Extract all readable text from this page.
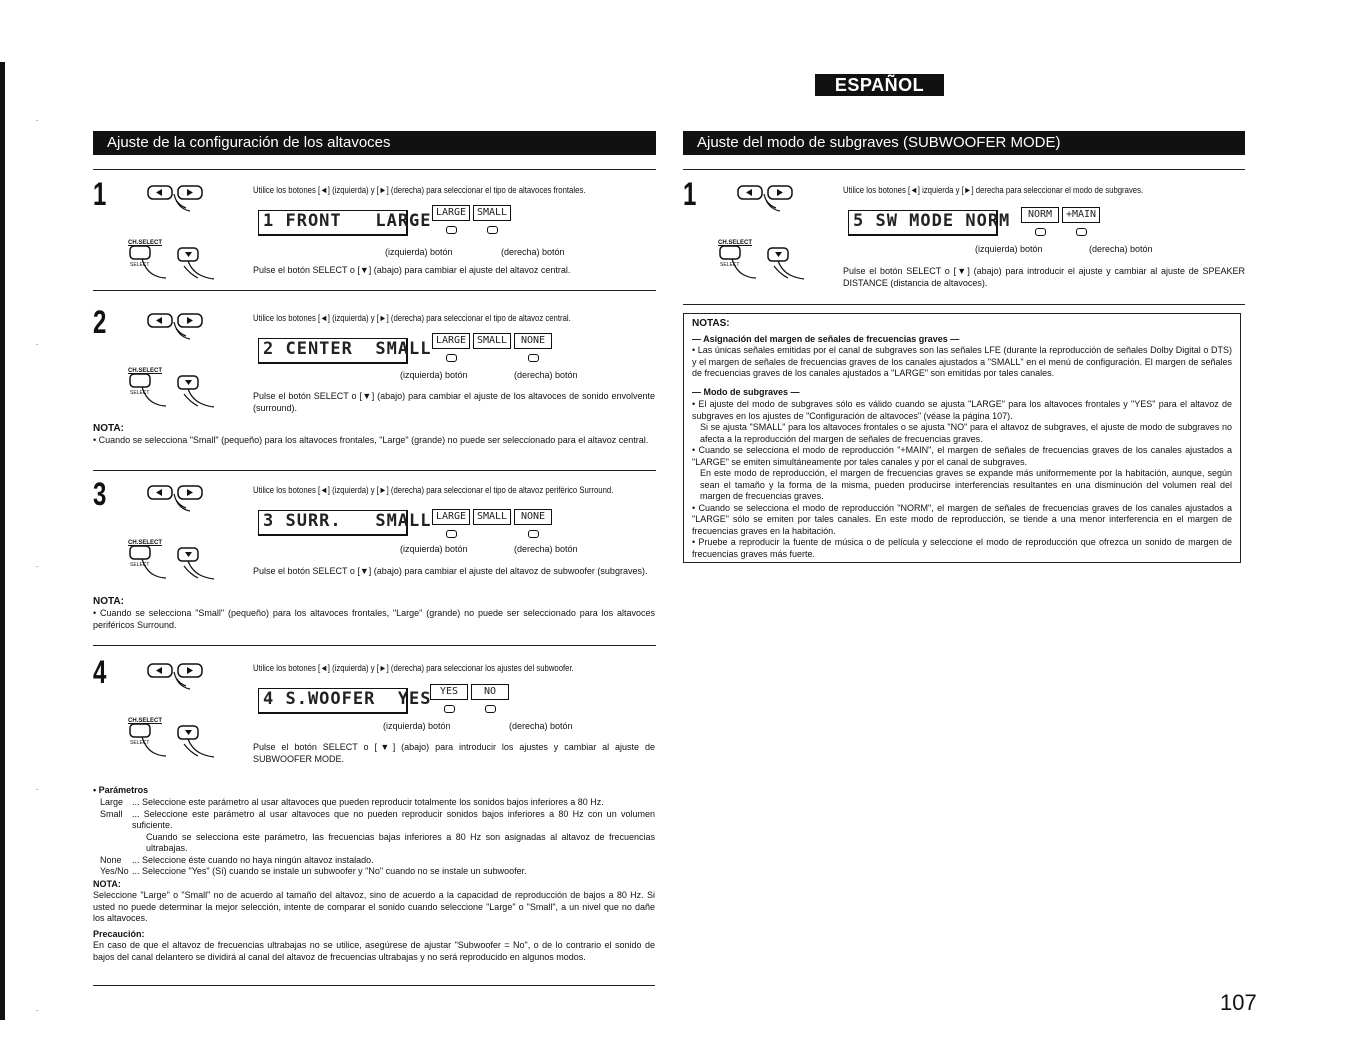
ESPAÑOL
Ajuste de la configuración de los altavoces	Ajuste del modo de subgraves (SUBWOOFER MODE)
1
CH.SELECT
SELECT
Utilice los botones [◄] (izquierda) y [►] (derecha) para seleccionar el tipo de altavoces frontales.
1 FRONT   LARGE LARGE	SMALL
(izquierda) botón	(derecha) botón
Pulse el botón SELECT o [▼] (abajo) para cambiar el ajuste del altavoz central.
2
CH.SELECT
SELECT
Utilice los botones [◄] (izquierda) y [►] (derecha) para seleccionar el tipo de altavoz central.
2 CENTER  SMALL LARGE	SMALL	NONE
(izquierda) botón	(derecha) botón
Pulse el botón SELECT o [▼] (abajo) para cambiar el ajuste de los altavoces de sonido envolvente (surround).
NOTA:
• Cuando se selecciona "Small" (pequeño) para los altavoces frontales, "Large" (grande) no puede ser seleccionado para el altavoz central.
3
CH.SELECT
SELECT
Utilice los botones [◄] (izquierda) y [►] (derecha) para seleccionar el tipo de altavoz periférico Surround.
3 SURR.   SMALL LARGE	SMALL	NONE
(izquierda) botón	(derecha) botón
Pulse el botón SELECT o [▼] (abajo) para cambiar el ajuste del altavoz de subwoofer (subgraves).
NOTA:
• Cuando se selecciona "Small" (pequeño) para los altavoces frontales, "Large" (grande) no puede ser seleccionado para los altavoces periféricos Surround.
4
CH.SELECT
SELECT
Utilice los botones [◄] (izquierda) y [►] (derecha) para seleccionar los ajustes del subwoofer.
4 S.WOOFER  YES YES	NO
(izquierda) botón	(derecha) botón
Pulse el botón SELECT o [▼] (abajo) para introducir los ajustes y cambiar al ajuste de SUBWOOFER MODE.
• Parámetros
Large ... Seleccione este parámetro al usar altavoces que pueden reproducir totalmente los sonidos bajos inferiores a 80 Hz.
Small	... Seleccione este parámetro al usar altavoces que no pueden reproducir sonidos bajos inferiores a 80 Hz con un volumen suficiente.
Cuando se selecciona este parámetro, las frecuencias bajas inferiores a 80 Hz son asignadas al altavoz de frecuencias ultrabajas.
None	... Seleccione éste cuando no haya ningún altavoz instalado.
Yes/No ... Seleccione "Yes" (Sí) cuando se instale un subwoofer y "No" cuando no se instale un subwoofer.
NOTA:
Seleccione "Large" o "Small" no de acuerdo al tamaño del altavoz, sino de acuerdo a la capacidad de reproducción de bajos a 80 Hz. Si usted no puede determinar la mejor selección, intente de comparar el sonido cuando seleccione "Large" o "Small", a un nivel que no dañe los altavoces.
Precaución:
En caso de que el altavoz de frecuencias ultrabajas no se utilice, asegúrese de ajustar "Subwoofer = No", o de lo contrario el sonido de bajos del canal delantero se dividirá al canal del altavoz de frecuencias ultrabajas y no será reproducido en algunos modos.
1
CH.SELECT
SELECT
Utilice los botones [◄] izquierda y [►] derecha para seleccionar el modo de subgraves.
5 SW MODE NORM	NORM	+MAIN
(izquierda) botón	(derecha) botón
Pulse el botón SELECT o [▼] (abajo) para introducir el ajuste y cambiar al ajuste de SPEAKER DISTANCE (distancia de altavoces).
NOTAS:
— Asignación del margen de señales de frecuencias graves —
• Las únicas señales emitidas por el canal de subgraves son las señales LFE (durante la reproducción de señales Dolby Digital o DTS) y el margen de señales de frecuencias graves de los canales ajustados a "SMALL" en el menú de configuración. El margen de señales de frecuencias graves de los canales ajustados a "LARGE" son emitidas por tales canales.
— Modo de subgraves —
• El ajuste del modo de subgraves sólo es válido cuando se ajusta "LARGE" para los altavoces frontales y "YES" para el altavoz de subgraves en los ajustes de "Configuración de altavoces" (véase la página 107).
Si se ajusta "SMALL" para los altavoces frontales o se ajusta "NO" para el altavoz de subgraves, el ajuste de modo de subgraves no afecta a la reproducción del margen de señales de frecuencias graves.
• Cuando se selecciona el modo de reproducción "+MAIN", el margen de señales de frecuencias graves de los canales ajustados a "LARGE" se emiten simultáneamente por tales canales y por el canal de subgraves.
En este modo de reproducción, el margen de frecuencias graves se expande más uniformemente por la habitación, aunque, según sean el tamaño y la forma de la misma, pueden producirse interferencias resultantes en una disminución del volumen real del margen de frecuencias graves.
• Cuando se selecciona el modo de reproducción "NORM", el margen de señales de frecuencias graves de los canales ajustados a "LARGE" sólo se emiten por tales canales. En este modo de reproducción, se tiende a una menor interferencia en el margen de frecuencias graves en la habitación.
• Pruebe a reproducir la fuente de música o de película y seleccione el modo de reproducción que ofrezca un sonido de margen de frecuencias graves más fuerte.
107
.
.
.
.
.
